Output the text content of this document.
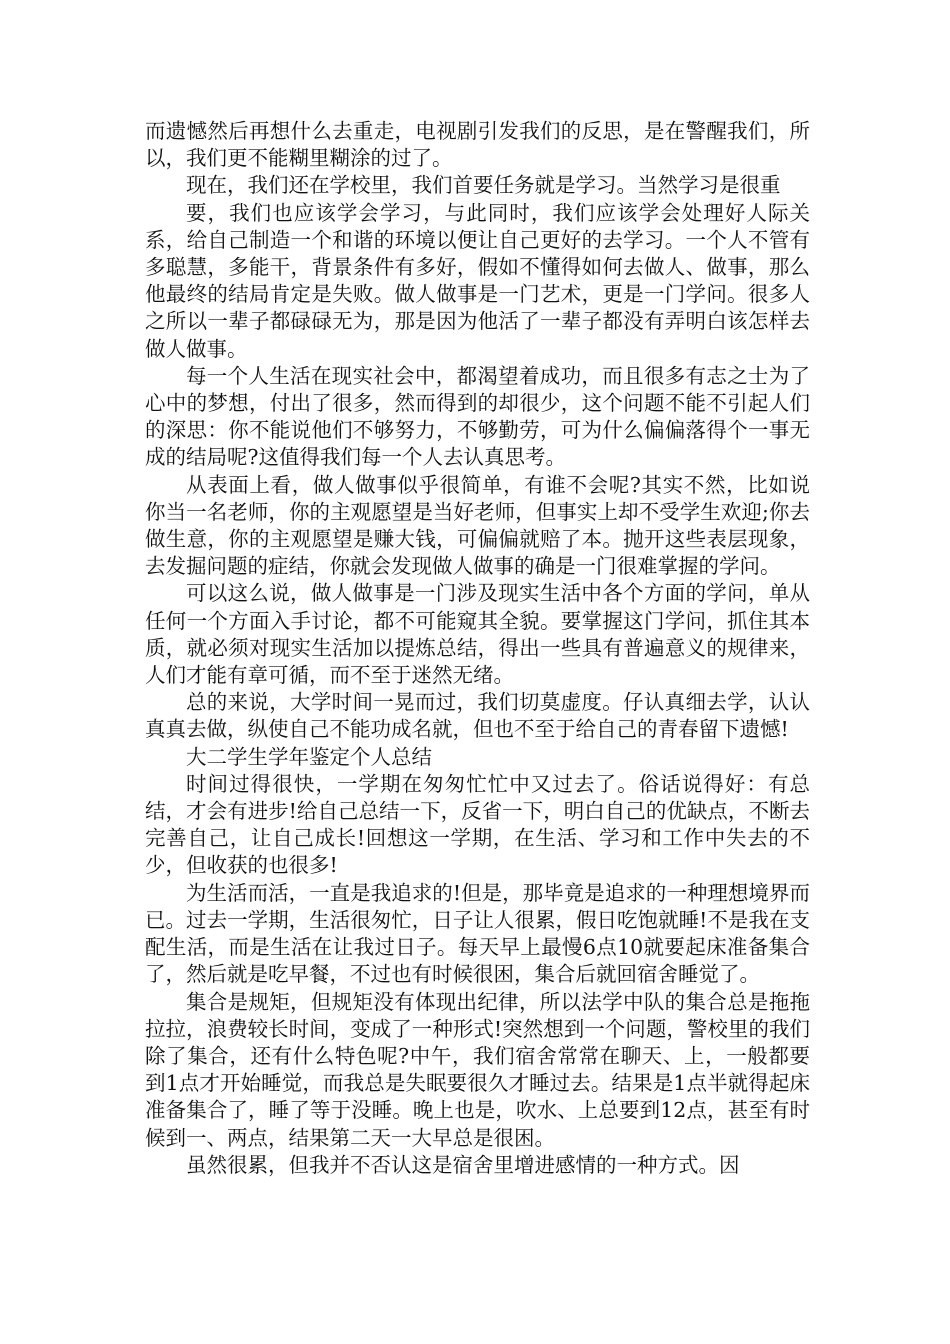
而遗憾然后再想什么去重走，电视剧引发我们的反思，是在警醒我们，所以，我们更不能糊里糊涂的过了。

现在，我们还在学校里，我们首要任务就是学习。当然学习是很重

要，我们也应该学会学习，与此同时，我们应该学会处理好人际关系，给自己制造一个和谐的环境以便让自己更好的去学习。一个人不管有多聪慧，多能干，背景条件有多好，假如不懂得如何去做人、做事，那么他最终的结局肯定是失败。做人做事是一门艺术，更是一门学问。很多人之所以一辈子都碌碌无为，那是因为他活了一辈子都没有弄明白该怎样去做人做事。

每一个人生活在现实社会中，都渴望着成功，而且很多有志之士为了心中的梦想，付出了很多，然而得到的却很少，这个问题不能不引起人们的深思：你不能说他们不够努力，不够勤劳，可为什么偏偏落得个一事无成的结局呢?这值得我们每一个人去认真思考。

从表面上看，做人做事似乎很简单，有谁不会呢?其实不然，比如说你当一名老师，你的主观愿望是当好老师，但事实上却不受学生欢迎;你去做生意，你的主观愿望是赚大钱，可偏偏就赔了本。抛开这些表层现象，去发掘问题的症结，你就会发现做人做事的确是一门很难掌握的学问。

可以这么说，做人做事是一门涉及现实生活中各个方面的学问，单从任何一个方面入手讨论，都不可能窥其全貌。要掌握这门学问，抓住其本质，就必须对现实生活加以提炼总结，得出一些具有普遍意义的规律来，人们才能有章可循，而不至于迷然无绪。

总的来说，大学时间一晃而过，我们切莫虚度。仔认真细去学，认认真真去做，纵使自己不能功成名就，但也不至于给自己的青春留下遗憾!

大二学生学年鉴定个人总结

时间过得很快，一学期在匆匆忙忙中又过去了。俗话说得好：有总结，才会有进步!给自己总结一下，反省一下，明白自己的优缺点，不断去完善自己，让自己成长!回想这一学期，在生活、学习和工作中失去的不少，但收获的也很多!

为生活而活，一直是我追求的!但是，那毕竟是追求的一种理想境界而已。过去一学期，生活很匆忙，日子让人很累，假日吃饱就睡!不是我在支配生活，而是生活在让我过日子。每天早上最慢6点10就要起床准备集合了，然后就是吃早餐，不过也有时候很困，集合后就回宿舍睡觉了。

集合是规矩，但规矩没有体现出纪律，所以法学中队的集合总是拖拖拉拉，浪费较长时间，变成了一种形式!突然想到一个问题，警校里的我们除了集合，还有什么特色呢?中午，我们宿舍常常在聊天、上，一般都要到1点才开始睡觉，而我总是失眠要很久才睡过去。结果是1点半就得起床准备集合了，睡了等于没睡。晚上也是，吹水、上总要到12点，甚至有时候到一、两点，结果第二天一大早总是很困。

虽然很累，但我并不否认这是宿舍里增进感情的一种方式。因
